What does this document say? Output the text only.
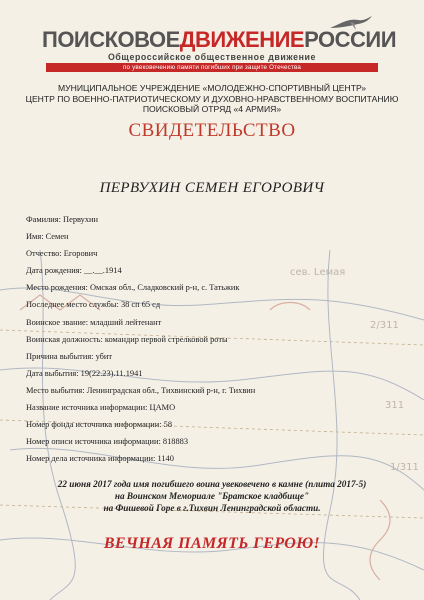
сев. Lемая
2/311
311
1/311
ПОИСКОВОЕДВИЖЕНИЕРОССИИ
Общероссийское общественное движение
по увековечению памяти погибших при защите Отечества
МУНИЦИПАЛЬНОЕ УЧРЕЖДЕНИЕ «МОЛОДЕЖНО-СПОРТИВНЫЙ ЦЕНТР»
ЦЕНТР ПО ВОЕННО-ПАТРИОТИЧЕСКОМУ И ДУХОВНО-НРАВСТВЕННОМУ ВОСПИТАНИЮ
ПОИСКОВЫЙ ОТРЯД «4 АРМИЯ»
СВИДЕТЕЛЬСТВО
ПЕРВУХИН СЕМЕН ЕГОРОВИЧ
Фамилия: Первухин
Имя: Семен
Отчество: Егорович
Дата рождения: __.__.1914
Место рождения: Омская обл., Сладковский р-н, с. Татьжик
Последнее место службы: 38 сп 65 сд
Воинское звание: младший лейтенант
Воинская должность: командир первой стрелковой роты
Причина выбытия: убит
Дата выбытия: 19(22.23).11.1941
Место выбытия: Ленинградская обл., Тихвинский р-н, г. Тихвин
Название источника информации: ЦАМО
Номер фонда источника информации: 58
Номер описи источника информации: 818883
Номер дела источника информации: 1140
22 июня 2017 года имя погибшего воина увековечено в камне (плита 2017-5)
на Воинском Мемориале "Братское кладбище"
на Фишевой Горе в г.Тихвин Ленинградской области.
ВЕЧНАЯ ПАМЯТЬ ГЕРОЮ!
